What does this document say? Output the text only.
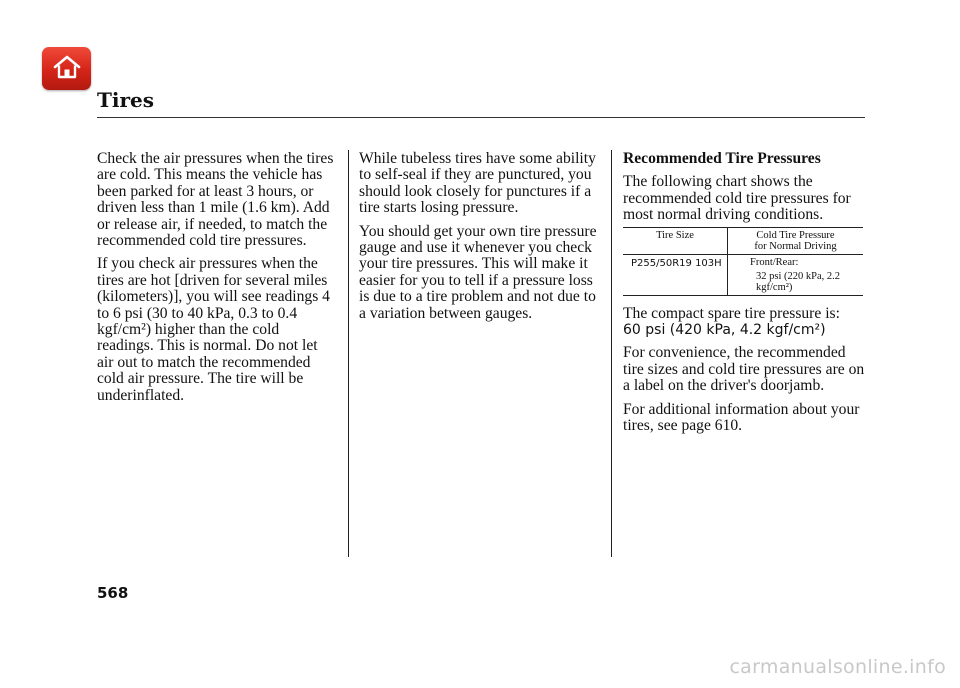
Tires

Check the air pressures when the tires are cold. This means the vehicle has been parked for at least 3 hours, or driven less than 1 mile (1.6 km). Add or release air, if needed, to match the recommended cold tire pressures.

If you check air pressures when the tires are hot [driven for several miles (kilometers)], you will see readings 4 to 6 psi (30 to 40 kPa, 0.3 to 0.4 kgf/cm²) higher than the cold readings. This is normal. Do not let air out to match the recommended cold air pressure. The tire will be underinflated.

While tubeless tires have some ability to self-seal if they are punctured, you should look closely for punctures if a tire starts losing pressure.

You should get your own tire pressure gauge and use it whenever you check your tire pressures. This will make it easier for you to tell if a pressure loss is due to a tire problem and not due to a variation between gauges.

Recommended Tire Pressures

The following chart shows the recommended cold tire pressures for most normal driving conditions.

Tire Size	Cold Tire Pressure
for Normal Driving
P255/50R19 103H	Front/Rear:
32 psi (220 kPa, 2.2 kgf/cm²)

The compact spare tire pressure is:

60 psi (420 kPa, 4.2 kgf/cm²)

For convenience, the recommended tire sizes and cold tire pressures are on a label on the driver's doorjamb.

For additional information about your tires, see page 610.

568
carmanualsonline.info
